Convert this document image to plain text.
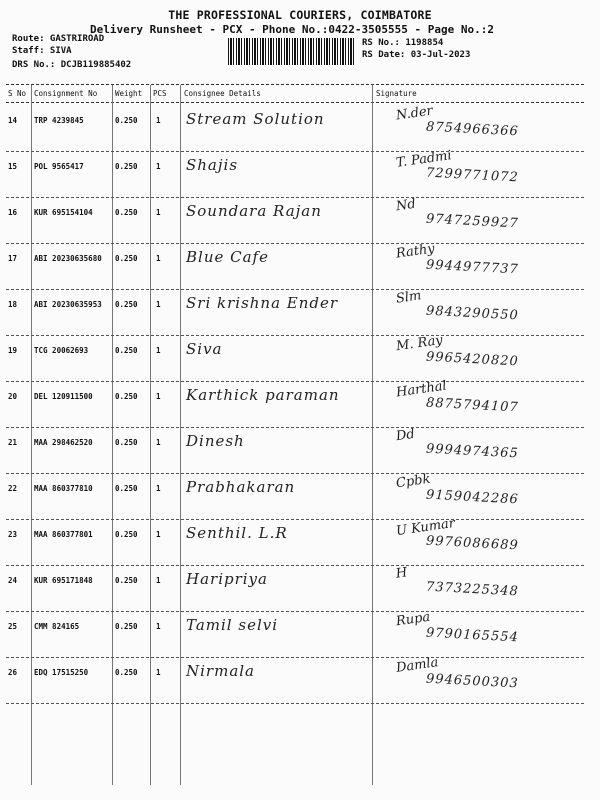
THE PROFESSIONAL COURIERS, COIMBATORE
Delivery Runsheet - PCX - Phone No.:0422-3505555 - Page No.:2
Route: GASTRIROAD
Staff: SIVA
DRS No.: DCJB119885402
RS No.: 1198854
RS Date: 03-Jul-2023
S No Consignment No Weight PCS Consignee Details	Signature
14 TRP 4239845	0.250 1 Stream Solution	N.der
8754966366
15 POL 9565417	0.250 1 Shajis	T. Padmi
7299771072
16 KUR 695154104	0.250 1 Soundara Rajan	Nd
9747259927
17 ABI 20230635680 0.250 1 Blue Cafe	Rathy
9944977737
18 ABI 20230635953 0.250 1 Sri krishna Ender	Slm
9843290550
19 TCG 20062693	0.250 1 Siva	M. Ray
9965420820
20 DEL 120911500	0.250 1 Karthick paraman	Harthal
8875794107
21 MAA 298462520	0.250 1 Dinesh	Dd
9994974365
22 MAA 860377810	0.250 1 Prabhakaran	Cpbk
9159042286
23 MAA 860377801	0.250 1 Senthil. L.R	U Kumar
9976086689
24 KUR 695171848	0.250 1 Haripriya	H
7373225348
25 CMM 824165	0.250 1 Tamil selvi	Rupa
9790165554
26 EDQ 17515250	0.250 1 Nirmala	Damla
9946500303
